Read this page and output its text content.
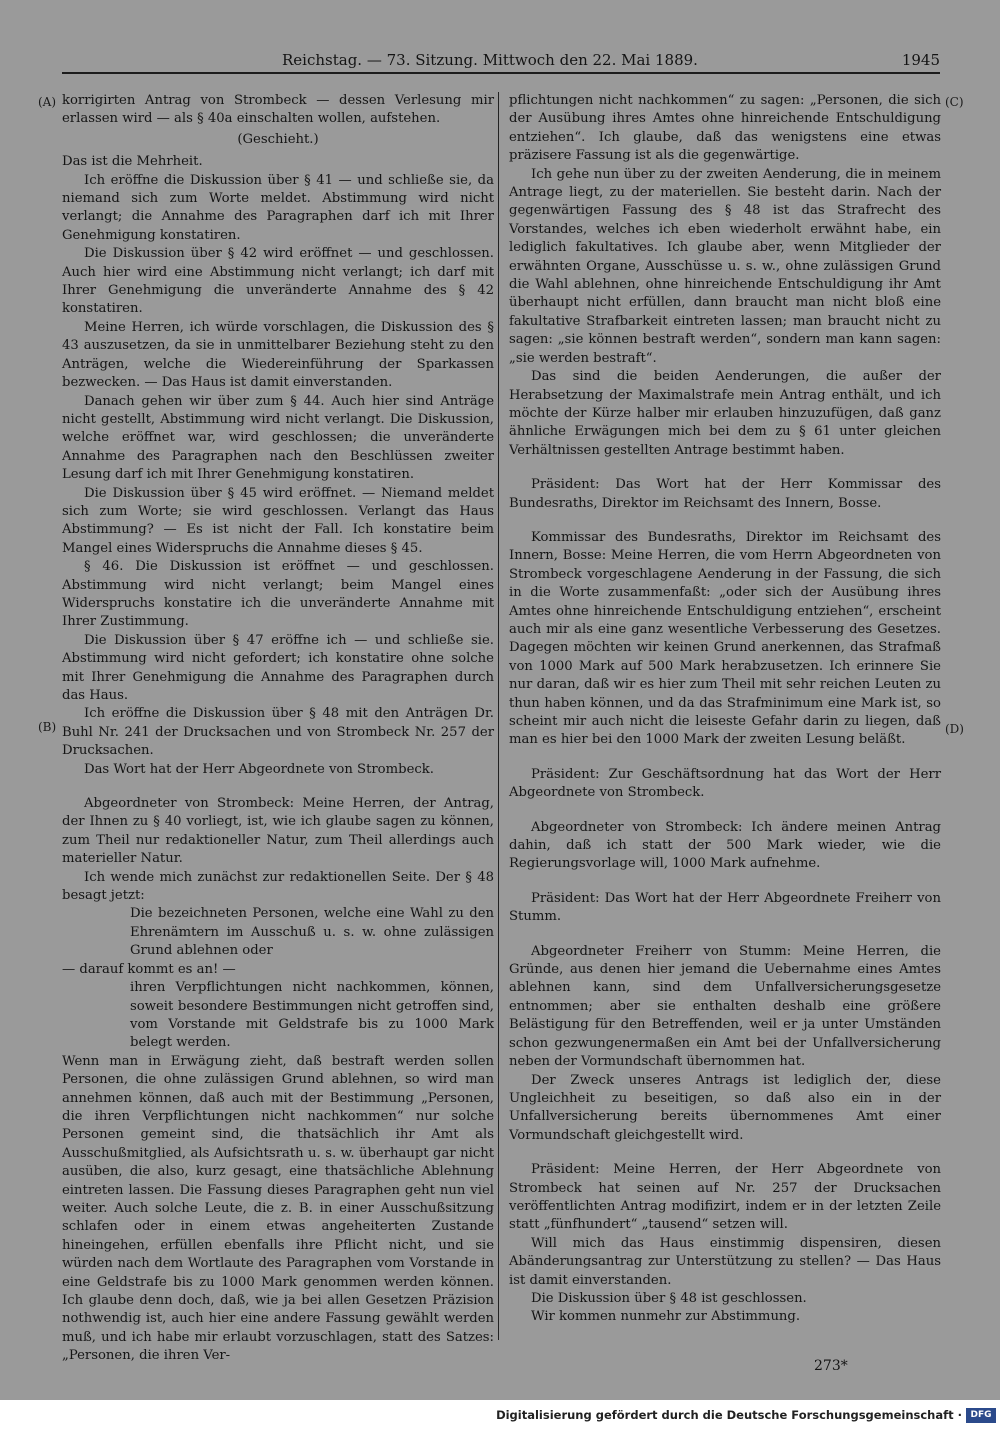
Reichstag. — 73. Sitzung. Mittwoch den 22. Mai 1889.	1945
(A)
(B)
(C)
(D)

korrigirten Antrag von Strombeck — dessen Verlesung mir erlassen wird — als § 40a einschalten wollen, aufstehen.

(Geschieht.)

Das ist die Mehrheit.

Ich eröffne die Diskussion über § 41 — und schließe sie, da niemand sich zum Worte meldet. Abstimmung wird nicht verlangt; die Annahme des Paragraphen darf ich mit Ihrer Genehmigung konstatiren.

Die Diskussion über § 42 wird eröffnet — und geschlossen. Auch hier wird eine Abstimmung nicht verlangt; ich darf mit Ihrer Genehmigung die unveränderte Annahme des § 42 konstatiren.

Meine Herren, ich würde vorschlagen, die Diskussion des § 43 auszusetzen, da sie in unmittelbarer Beziehung steht zu den Anträgen, welche die Wiedereinführung der Sparkassen bezwecken. — Das Haus ist damit einverstanden.

Danach gehen wir über zum § 44. Auch hier sind Anträge nicht gestellt, Abstimmung wird nicht verlangt. Die Diskussion, welche eröffnet war, wird geschlossen; die unveränderte Annahme des Paragraphen nach den Beschlüssen zweiter Lesung darf ich mit Ihrer Genehmigung konstatiren.

Die Diskussion über § 45 wird eröffnet. — Niemand meldet sich zum Worte; sie wird geschlossen. Verlangt das Haus Abstimmung? — Es ist nicht der Fall. Ich konstatire beim Mangel eines Widerspruchs die Annahme dieses § 45.

§ 46. Die Diskussion ist eröffnet — und geschlossen. Abstimmung wird nicht verlangt; beim Mangel eines Widerspruchs konstatire ich die unveränderte Annahme mit Ihrer Zustimmung.

Die Diskussion über § 47 eröffne ich — und schließe sie. Abstimmung wird nicht gefordert; ich konstatire ohne solche mit Ihrer Genehmigung die Annahme des Paragraphen durch das Haus.

Ich eröffne die Diskussion über § 48 mit den Anträgen Dr. Buhl Nr. 241 der Drucksachen und von Strombeck Nr. 257 der Drucksachen.

Das Wort hat der Herr Abgeordnete von Strombeck.

Abgeordneter von Strombeck: Meine Herren, der Antrag, der Ihnen zu § 40 vorliegt, ist, wie ich glaube sagen zu können, zum Theil nur redaktioneller Natur, zum Theil allerdings auch materieller Natur.

Ich wende mich zunächst zur redaktionellen Seite. Der § 48 besagt jetzt:

Die bezeichneten Personen, welche eine Wahl zu den Ehrenämtern im Ausschuß u. s. w. ohne zulässigen Grund ablehnen oder

— darauf kommt es an! —

ihren Verpflichtungen nicht nachkommen, können, soweit besondere Bestimmungen nicht getroffen sind, vom Vorstande mit Geldstrafe bis zu 1000 Mark belegt werden.

Wenn man in Erwägung zieht, daß bestraft werden sollen Personen, die ohne zulässigen Grund ablehnen, so wird man annehmen können, daß auch mit der Bestimmung „Personen, die ihren Verpflichtungen nicht nachkommen“ nur solche Personen gemeint sind, die thatsächlich ihr Amt als Ausschußmitglied, als Aufsichtsrath u. s. w. überhaupt gar nicht ausüben, die also, kurz gesagt, eine thatsächliche Ablehnung eintreten lassen. Die Fassung dieses Paragraphen geht nun viel weiter. Auch solche Leute, die z. B. in einer Ausschußsitzung schlafen oder in einem etwas angeheiterten Zustande hineingehen, erfüllen ebenfalls ihre Pflicht nicht, und sie würden nach dem Wortlaute des Paragraphen vom Vorstande in eine Geldstrafe bis zu 1000 Mark genommen werden können. Ich glaube denn doch, daß, wie ja bei allen Gesetzen Präzision nothwendig ist, auch hier eine andere Fassung gewählt werden muß, und ich habe mir erlaubt vorzuschlagen, statt des Satzes: „Personen, die ihren Ver-

pflichtungen nicht nachkommen“ zu sagen: „Personen, die sich der Ausübung ihres Amtes ohne hinreichende Entschuldigung entziehen“. Ich glaube, daß das wenigstens eine etwas präzisere Fassung ist als die gegenwärtige.

Ich gehe nun über zu der zweiten Aenderung, die in meinem Antrage liegt, zu der materiellen. Sie besteht darin. Nach der gegenwärtigen Fassung des § 48 ist das Strafrecht des Vorstandes, welches ich eben wiederholt erwähnt habe, ein lediglich fakultatives. Ich glaube aber, wenn Mitglieder der erwähnten Organe, Ausschüsse u. s. w., ohne zulässigen Grund die Wahl ablehnen, ohne hinreichende Entschuldigung ihr Amt überhaupt nicht erfüllen, dann braucht man nicht bloß eine fakultative Strafbarkeit eintreten lassen; man braucht nicht zu sagen: „sie können bestraft werden“, sondern man kann sagen: „sie werden bestraft“.

Das sind die beiden Aenderungen, die außer der Herabsetzung der Maximalstrafe mein Antrag enthält, und ich möchte der Kürze halber mir erlauben hinzuzufügen, daß ganz ähnliche Erwägungen mich bei dem zu § 61 unter gleichen Verhältnissen gestellten Antrage bestimmt haben.

Präsident: Das Wort hat der Herr Kommissar des Bundesraths, Direktor im Reichsamt des Innern, Bosse.

Kommissar des Bundesraths, Direktor im Reichsamt des Innern, Bosse: Meine Herren, die vom Herrn Abgeordneten von Strombeck vorgeschlagene Aenderung in der Fassung, die sich in die Worte zusammenfaßt: „oder sich der Ausübung ihres Amtes ohne hinreichende Entschuldigung entziehen“, erscheint auch mir als eine ganz wesentliche Verbesserung des Gesetzes. Dagegen möchten wir keinen Grund anerkennen, das Strafmaß von 1000 Mark auf 500 Mark herabzusetzen. Ich erinnere Sie nur daran, daß wir es hier zum Theil mit sehr reichen Leuten zu thun haben können, und da das Strafminimum eine Mark ist, so scheint mir auch nicht die leiseste Gefahr darin zu liegen, daß man es hier bei den 1000 Mark der zweiten Lesung beläßt.

Präsident: Zur Geschäftsordnung hat das Wort der Herr Abgeordnete von Strombeck.

Abgeordneter von Strombeck: Ich ändere meinen Antrag dahin, daß ich statt der 500 Mark wieder, wie die Regierungsvorlage will, 1000 Mark aufnehme.

Präsident: Das Wort hat der Herr Abgeordnete Freiherr von Stumm.

Abgeordneter Freiherr von Stumm: Meine Herren, die Gründe, aus denen hier jemand die Uebernahme eines Amtes ablehnen kann, sind dem Unfallversicherungsgesetze entnommen; aber sie enthalten deshalb eine größere Belästigung für den Betreffenden, weil er ja unter Umständen schon gezwungenermaßen ein Amt bei der Unfallversicherung neben der Vormundschaft übernommen hat.

Der Zweck unseres Antrags ist lediglich der, diese Ungleichheit zu beseitigen, so daß also ein in der Unfallversicherung bereits übernommenes Amt einer Vormundschaft gleichgestellt wird.

Präsident: Meine Herren, der Herr Abgeordnete von Strombeck hat seinen auf Nr. 257 der Drucksachen veröffentlichten Antrag modifizirt, indem er in der letzten Zeile statt „fünfhundert“ „tausend“ setzen will.

Will mich das Haus einstimmig dispensiren, diesen Abänderungsantrag zur Unterstützung zu stellen? — Das Haus ist damit einverstanden.

Die Diskussion über § 48 ist geschlossen.

Wir kommen nunmehr zur Abstimmung.

273*
Digitalisierung gefördert durch die Deutsche Forschungsgemeinschaft · DFG
